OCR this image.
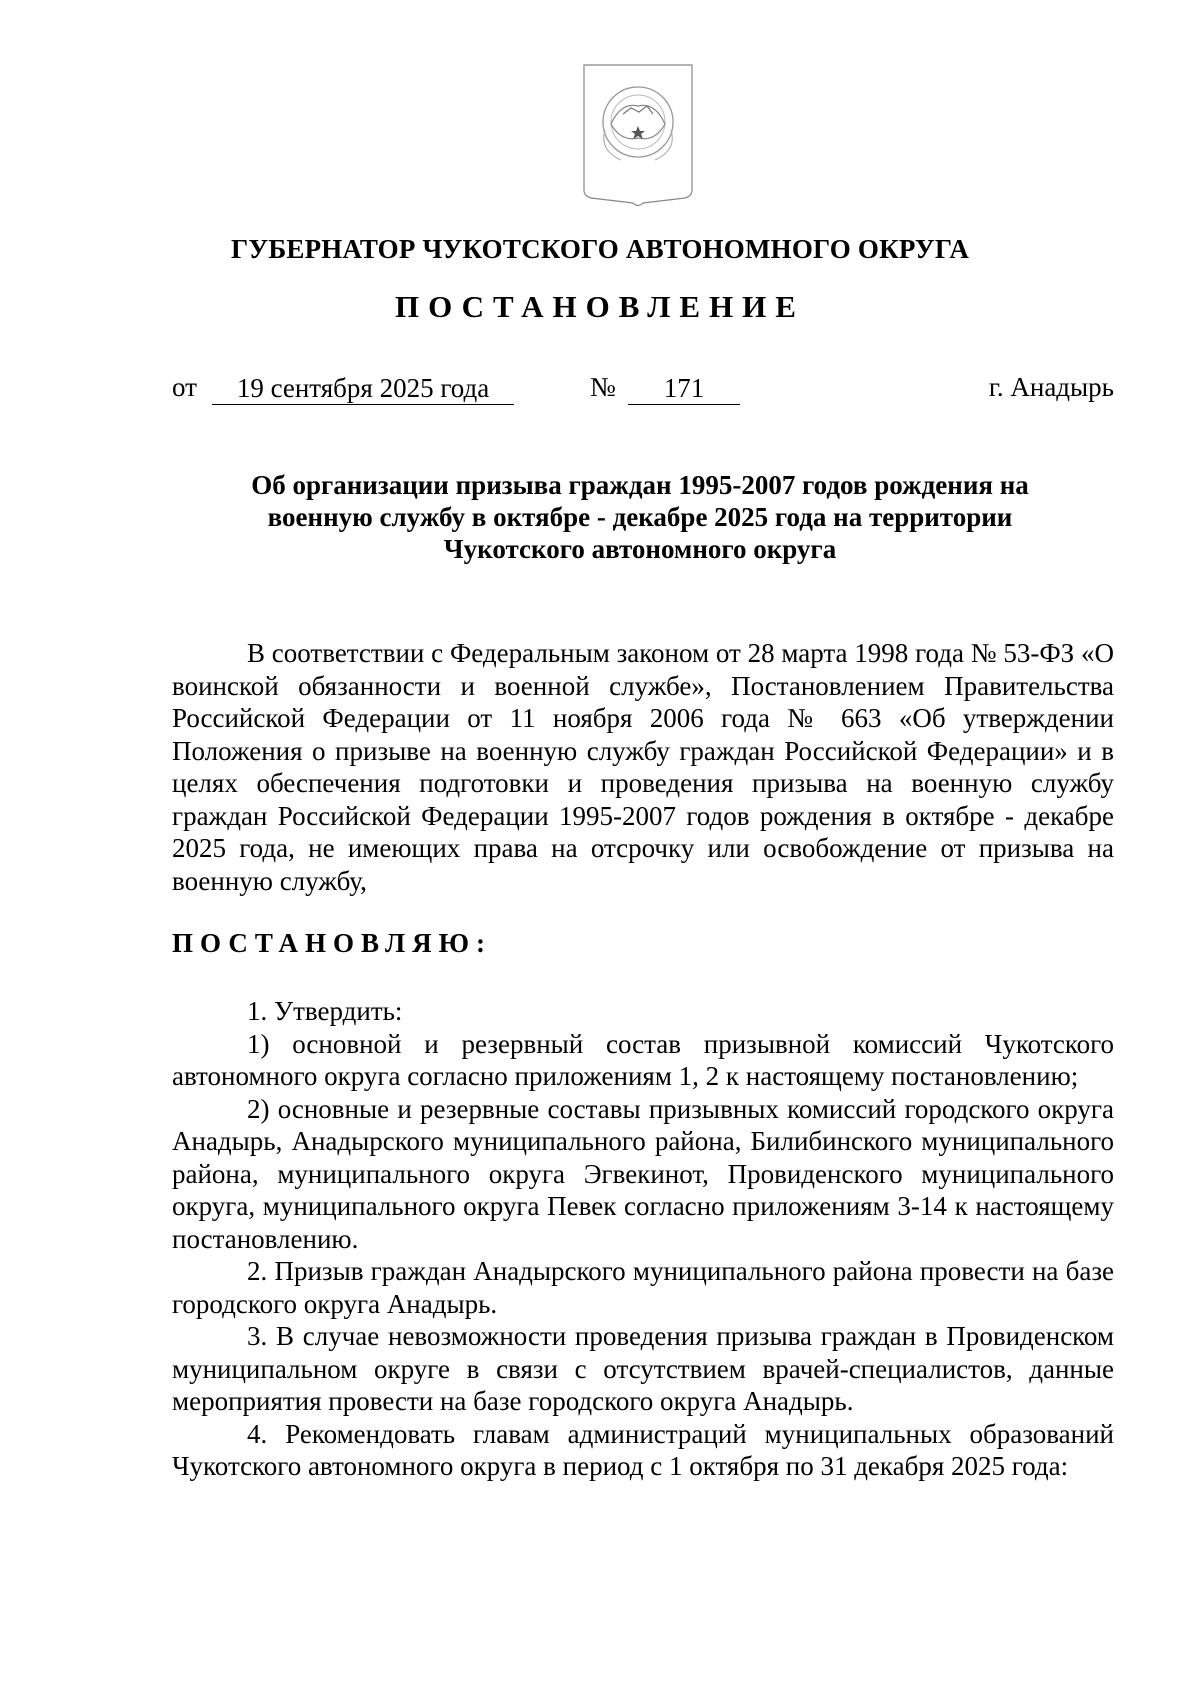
ГУБЕРНАТОР ЧУКОТСКОГО АВТОНОМНОГО ОКРУГА
ПОСТАНОВЛЕНИЕ
от	19 сентября 2025 года	№	171	г. Анадырь
Об организации призыва граждан 1995-2007 годов рождения на
военную службу в октябре - декабре 2025 года на территории
Чукотского автономного округа

В соответствии с Федеральным законом от 28 марта 1998 года № 53-ФЗ «О воинской обязанности и военной службе», Постановлением Правительства Российской Федерации от 11 ноября 2006 года № 663 «Об утверждении Положения о призыве на военную службу граждан Российской Федерации» и в целях обеспечения подготовки и проведения призыва на военную службу граждан Российской Федерации 1995-2007 годов рождения в октябре - декабре 2025 года, не имеющих права на отсрочку или освобождение от призыва на военную службу,

ПОСТАНОВЛЯЮ:

1. Утвердить:

1) основной и резервный состав призывной комиссий Чукотского автономного округа согласно приложениям 1, 2 к настоящему постановлению;

2) основные и резервные составы призывных комиссий городского округа Анадырь, Анадырского муниципального района, Билибинского муниципального района, муниципального округа Эгвекинот, Провиденского муниципального округа, муниципального округа Певек согласно приложениям 3-14 к настоящему постановлению.

2. Призыв граждан Анадырского муниципального района провести на базе городского округа Анадырь.

3. В случае невозможности проведения призыва граждан в Провиденском муниципальном округе в связи с отсутствием врачей-специалистов, данные мероприятия провести на базе городского округа Анадырь.

4. Рекомендовать главам администраций муниципальных образований Чукотского автономного округа в период с 1 октября по 31 декабря 2025 года:
